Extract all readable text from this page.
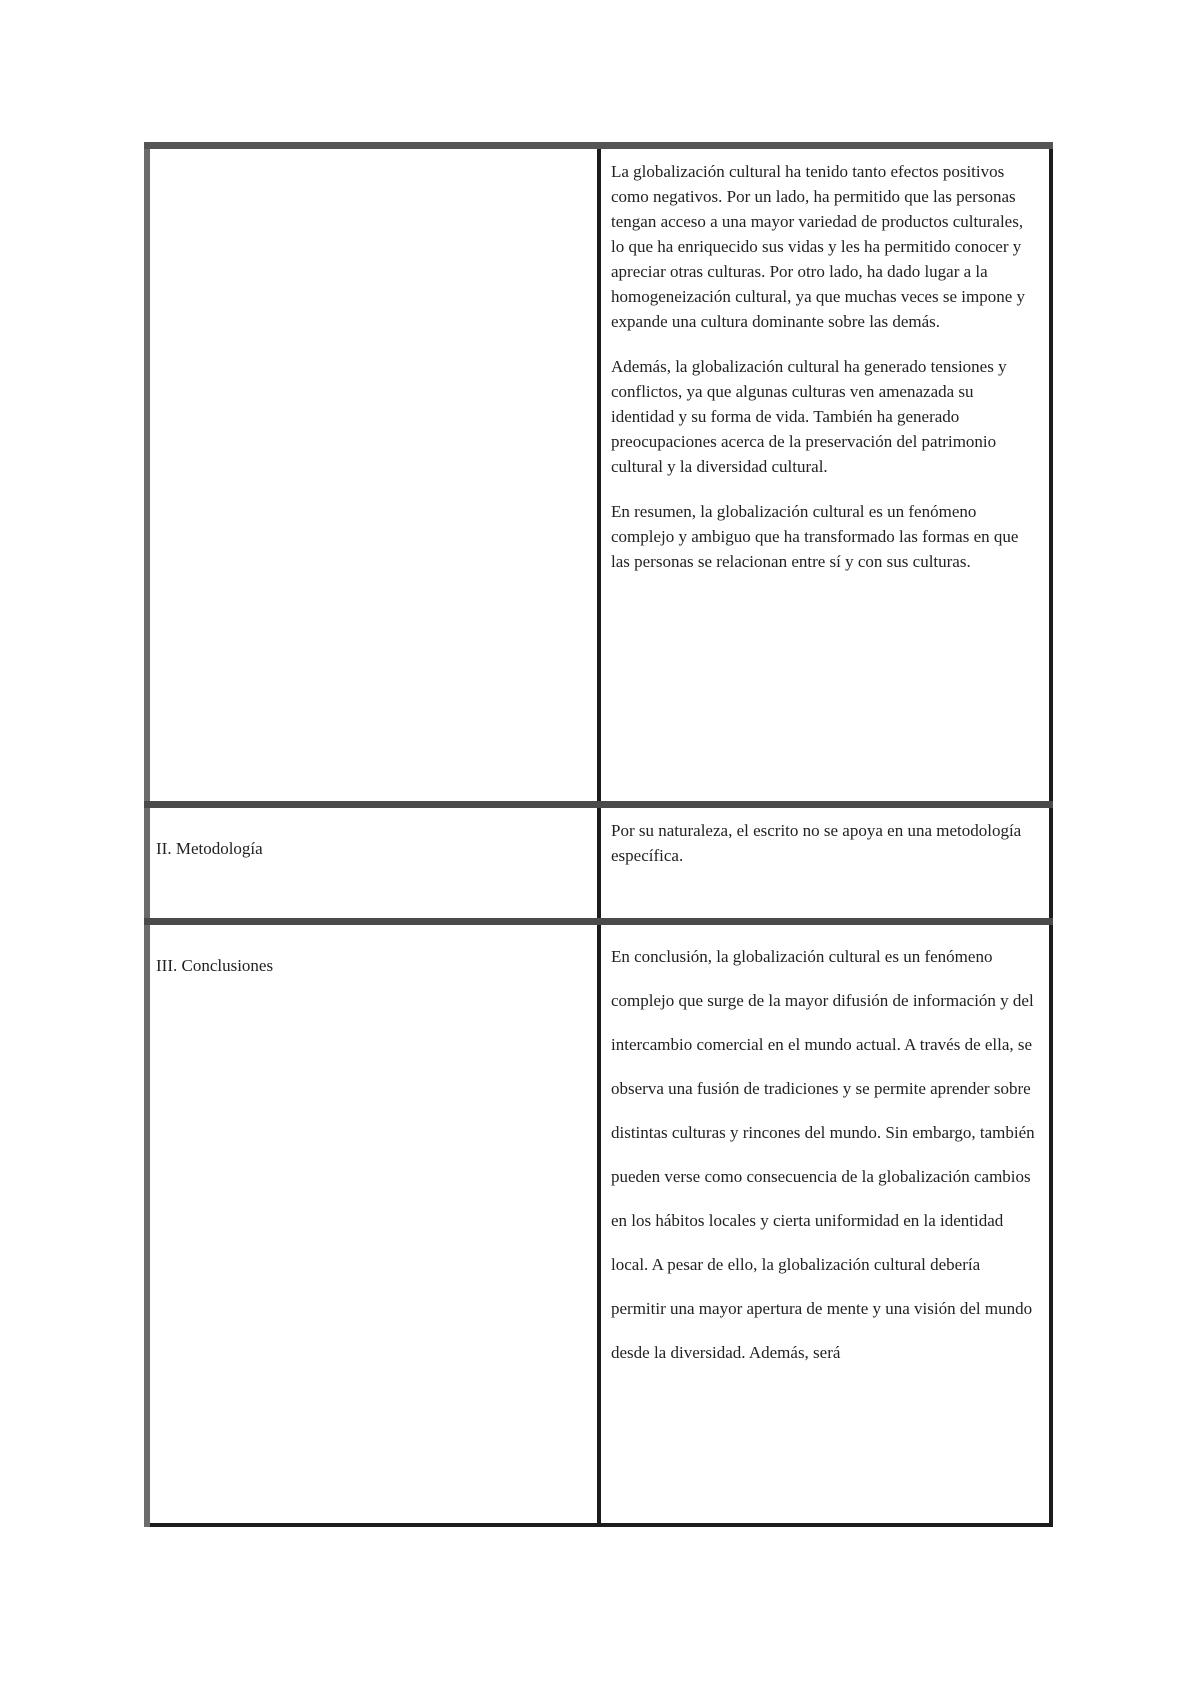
	La globalización cultural ha tenido tanto efectos positivos como negativos. Por un lado, ha permitido que las personas tengan acceso a una mayor variedad de productos culturales, lo que ha enriquecido sus vidas y les ha permitido conocer y apreciar otras culturas. Por otro lado, ha dado lugar a la homogeneización cultural, ya que muchas veces se impone y expande una cultura dominante sobre las demás.

Además, la globalización cultural ha generado tensiones y conflictos, ya que algunas culturas ven amenazada su identidad y su forma de vida. También ha generado preocupaciones acerca de la preservación del patrimonio cultural y la diversidad cultural.

En resumen, la globalización cultural es un fenómeno complejo y ambiguo que ha transformado las formas en que las personas se relacionan entre sí y con sus culturas.

II. Metodología	Por su naturaleza, el escrito no se apoya en una metodología específica.

III. Conclusiones	En conclusión, la globalización cultural es un fenómeno complejo que surge de la mayor difusión de información y del intercambio comercial en el mundo actual. A través de ella, se observa una fusión de tradiciones y se permite aprender sobre distintas culturas y rincones del mundo. Sin embargo, también pueden verse como consecuencia de la globalización cambios en los hábitos locales y cierta uniformidad en la identidad local. A pesar de ello, la globalización cultural debería permitir una mayor apertura de mente y una visión del mundo desde la diversidad. Además, será
